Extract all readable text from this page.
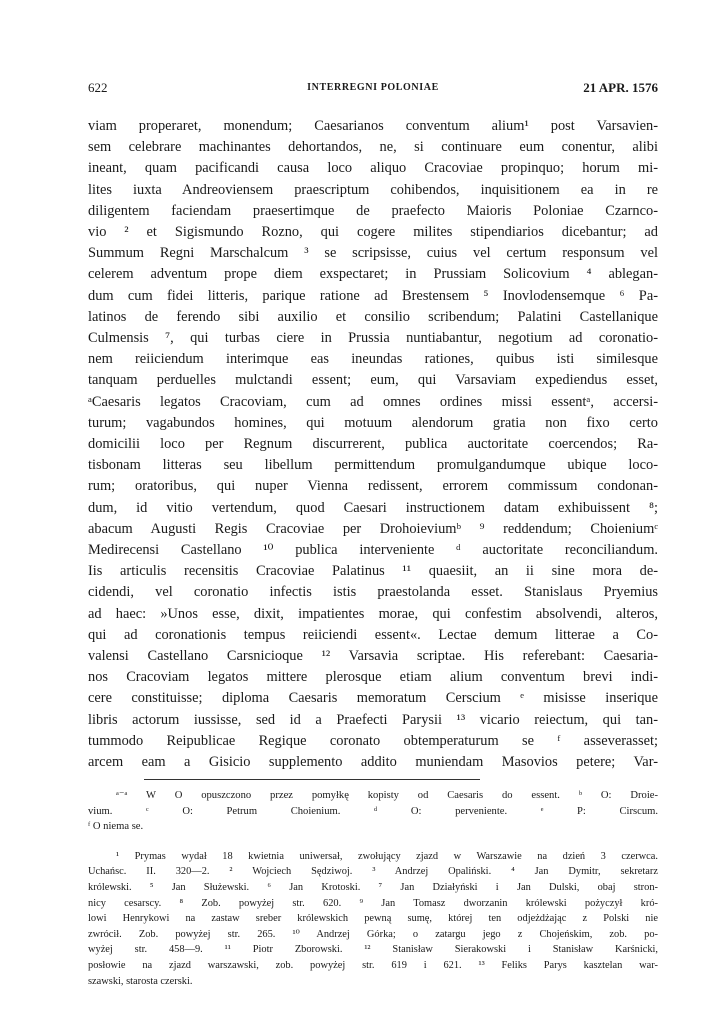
622	INTERREGNI POLONIAE	21 APR. 1576
viam properaret, monendum; Caesarianos conventum alium¹ post Varsavien-
sem celebrare machinantes dehortandos, ne, si continuare eum conentur, alibi
ineant, quam pacificandi causa loco aliquo Cracoviae propinquo; horum mi-
lites iuxta Andreoviensem praescriptum cohibendos, inquisitionem ea in re
diligentem faciendam praesertimque de praefecto Maioris Poloniae Czarnco-
vio ² et Sigismundo Rozno, qui cogere milites stipendiarios dicebantur; ad
Summum Regni Marschalcum ³ se scripsisse, cuius vel certum responsum vel
celerem adventum prope diem exspectaret; in Prussiam Solicovium ⁴ ablegan-
dum cum fidei litteris, parique ratione ad Brestensem ⁵ Inovlodensemque ⁶ Pa-
latinos de ferendo sibi auxilio et consilio scribendum; Palatini Castellanique
Culmensis ⁷, qui turbas ciere in Prussia nuntiabantur, negotium ad coronatio-
nem reiiciendum interimque eas ineundas rationes, quibus isti similesque
tanquam perduelles mulctandi essent; eum, qui Varsaviam expediendus esset,
ᵃCaesaris legatos Cracoviam, cum ad omnes ordines missi essentᵃ, accersi-
turum; vagabundos homines, qui motuum alendorum gratia non fixo certo
domicilii loco per Regnum discurrerent, publica auctoritate coercendos; Ra-
tisbonam litteras seu libellum permittendum promulgandumque ubique loco-
rum; oratoribus, qui nuper Vienna redissent, errorem commissum condonan-
dum, id vitio vertendum, quod Caesari instructionem datam exhibuissent ⁸;
abacum Augusti Regis Cracoviae per Drohoieviumᵇ ⁹ reddendum; Choieniumᶜ
Medirecensi Castellano ¹⁰ publica interveniente ᵈ auctoritate reconciliandum.
Iis articulis recensitis Cracoviae Palatinus ¹¹ quaesiit, an ii sine mora de-
cidendi, vel coronatio infectis istis praestolanda esset. Stanislaus Pryemius
ad haec: »Unos esse, dixit, impatientes morae, qui confestim absolvendi, alteros,
qui ad coronationis tempus reiiciendi essent«. Lectae demum litterae a Co-
valensi Castellano Carsnicioque ¹² Varsavia scriptae. His referebant: Caesaria-
nos Cracoviam legatos mittere plerosque etiam alium conventum brevi indi-
cere constituisse; diploma Caesaris memoratum Cerscium ᵉ misisse inserique
libris actorum iussisse, sed id a Praefecti Parysii ¹³ vicario reiectum, qui tan-
tummodo Reipublicae Regique coronato obtemperaturum se ᶠ asseverasset;
arcem eam a Gisicio supplemento addito muniendam Masovios petere; Var-
ᵃ⁻ᵃ W O opuszczono przez pomyłkę kopisty od Caesaris do essent. ᵇ O: Droie-
vium. ᶜ O: Petrum Choienium. ᵈ O: perveniente. ᵉ P: Cirscum.
ᶠ O niema se.
¹ Prymas wydał 18 kwietnia uniwersał, zwołujący zjazd w Warszawie na dzień 3 czerwca.
Uchańsc. II. 320—2. ² Wojciech Sędziwoj. ³ Andrzej Opaliński. ⁴ Jan Dymitr, sekretarz
królewski. ⁵ Jan Służewski. ⁶ Jan Krotoski. ⁷ Jan Działyński i Jan Dulski, obaj stron-
nicy cesarscy. ⁸ Zob. powyżej str. 620. ⁹ Jan Tomasz dworzanin królewski pożyczył kró-
lowi Henrykowi na zastaw sreber królewskich pewną sumę, której ten odjeżdżając z Polski nie
zwrócił. Zob. powyżej str. 265. ¹⁰ Andrzej Górka; o zatargu jego z Chojeńskim, zob. po-
wyżej str. 458—9. ¹¹ Piotr Zborowski. ¹² Stanisław Sierakowski i Stanisław Karśnicki,
posłowie na zjazd warszawski, zob. powyżej str. 619 i 621. ¹³ Feliks Parys kasztelan war-
szawski, starosta czerski.
